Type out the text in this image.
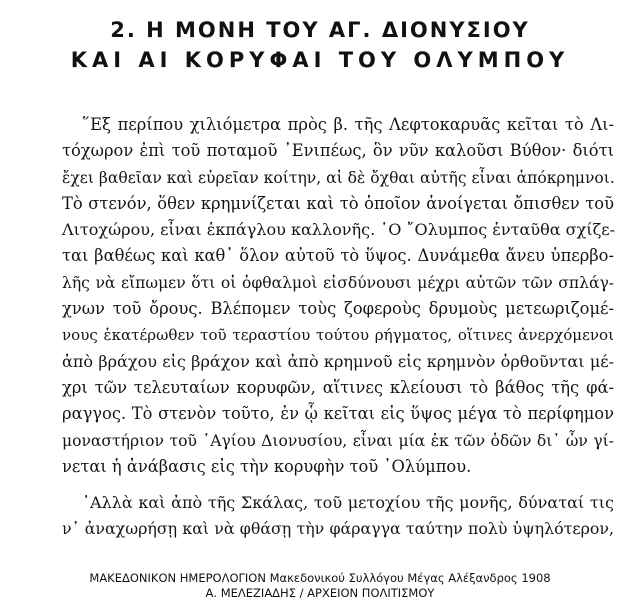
2. Η ΜΟΝΗ ΤΟΥ ΑΓ. ΔΙΟΝΥΣΙΟΥ
ΚΑΙ ΑΙ ΚΟΡΥΦΑΙ ΤΟΥ ΟΛΥΜΠΟΥ
῞Εξ περίπου χιλιόμετρα πρὸς β. τῆς Λεφτοκαρυᾶς κεῖται τὸ Λι-
τόχωρον ἐπὶ τοῦ ποταμοῦ ᾿Ενιπέως, ὃν νῦν καλοῦσι Βύθον· διότι
ἔχει βαθεῖαν καὶ εὐρεῖαν κοίτην, αἱ δὲ ὄχθαι αὐτῆς εἶναι ἀπόκρημνοι.
Τὸ στενόν, ὅθεν κρημνίζεται καὶ τὸ ὁποῖον ἀνοίγεται ὄπισθεν τοῦ
Λιτοχώρου, εἶναι ἐκπάγλου καλλονῆς. ῾Ο ῎Ολυμπος ἐνταῦθα σχίζε-
ται βαθέως καὶ καθ᾽ ὅλον αὐτοῦ τὸ ὕψος. Δυνάμεθα ἄνευ ὑπερβο-
λῆς νὰ εἴπωμεν ὅτι οἱ ὀφθαλμοὶ εἰσδύνουσι μέχρι αὐτῶν τῶν σπλάγ-
χνων τοῦ ὄρους. Βλέπομεν τοὺς ζοφεροὺς δρυμοὺς μετεωριζομέ-
νους ἑκατέρωθεν τοῦ τεραστίου τούτου ρήγματος, οἵτινες ἀνερχόμενοι
ἀπὸ βράχου εἰς βράχον καὶ ἀπὸ κρημνοῦ εἰς κρημνὸν ὀρθοῦνται μέ-
χρι τῶν τελευταίων κορυφῶν, αἵτινες κλείουσι τὸ βάθος τῆς φά-
ραγγος. Τὸ στενὸν τοῦτο, ἐν ᾧ κεῖται εἰς ὕψος μέγα τὸ περίφημον
μοναστήριον τοῦ ῾Αγίου Διονυσίου, εἶναι μία ἐκ τῶν ὁδῶν δι᾽ ὧν γί-
νεται ἡ ἀνάβασις εἰς τὴν κορυφὴν τοῦ ᾿Ολύμπου.
᾿Αλλὰ καὶ ἀπὸ τῆς Σκάλας, τοῦ μετοχίου τῆς μονῆς, δύναταί τις
ν᾽ ἀναχωρήσῃ καὶ νὰ φθάσῃ τὴν φάραγγα ταύτην πολὺ ὑψηλότερον,
ΜΑΚΕΔΟΝΙΚΟΝ ΗΜΕΡΟΛΟΓΙΟΝ Μακεδονικού Συλλόγου Μέγας Αλέξανδρος 1908
Α. ΜΕΛΕΖΙΑΔΗΣ / ΑΡΧΕΙΟΝ ΠΟΛΙΤΙΣΜΟΥ
